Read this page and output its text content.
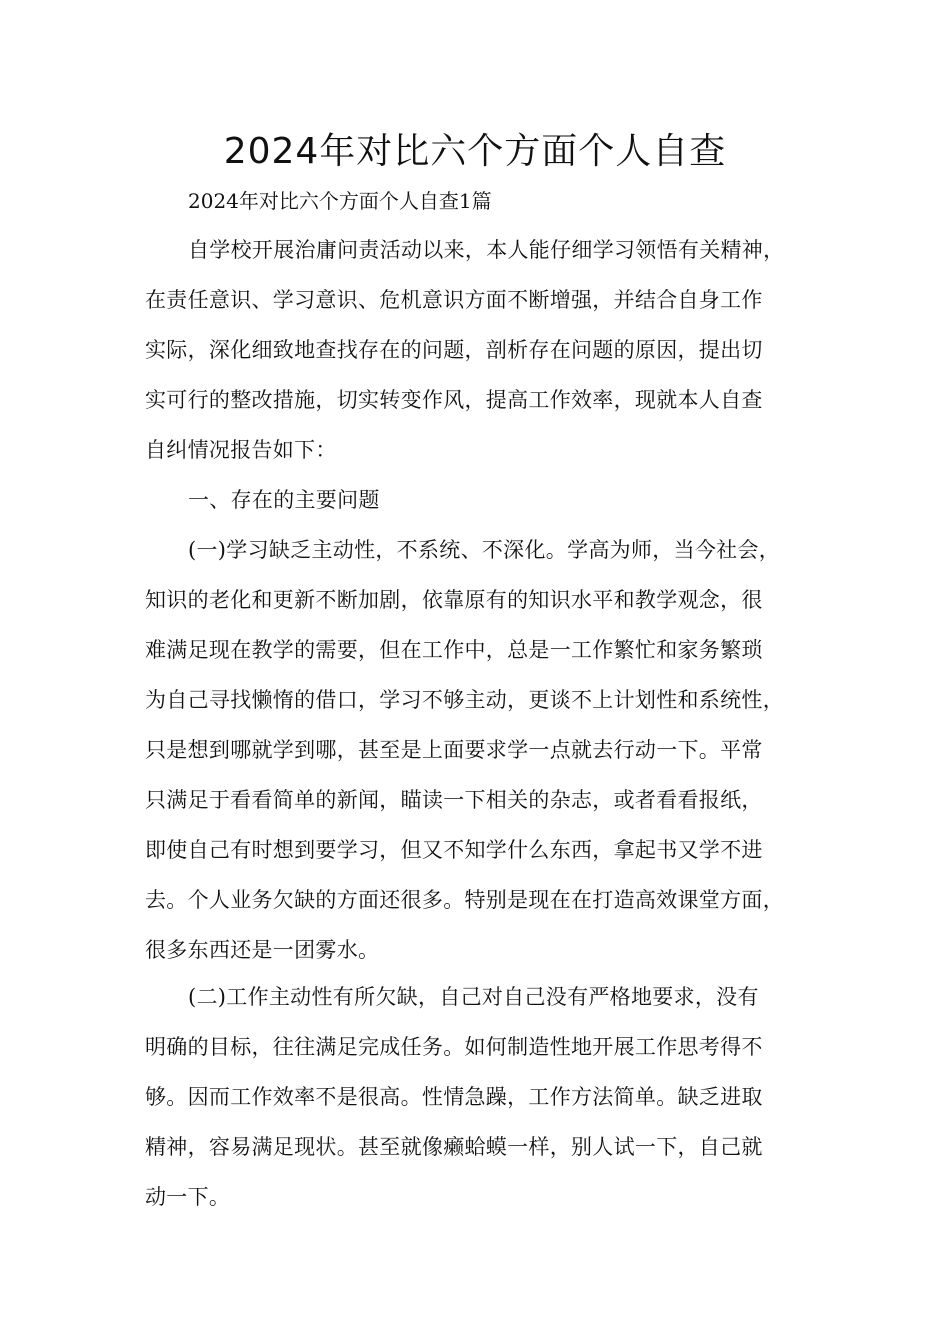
2024年对比六个方面个人自查
2024年对比六个方面个人自查1篇
自学校开展治庸问责活动以来，本人能仔细学习领悟有关精神，
在责任意识、学习意识、危机意识方面不断增强，并结合自身工作
实际，深化细致地查找存在的问题，剖析存在问题的原因，提出切
实可行的整改措施，切实转变作风，提高工作效率，现就本人自查
自纠情况报告如下：
一、存在的主要问题
(一)学习缺乏主动性，不系统、不深化。学高为师，当今社会，
知识的老化和更新不断加剧，依靠原有的知识水平和教学观念，很
难满足现在教学的需要，但在工作中，总是一工作繁忙和家务繁琐
为自己寻找懒惰的借口，学习不够主动，更谈不上计划性和系统性，
只是想到哪就学到哪，甚至是上面要求学一点就去行动一下。平常
只满足于看看简单的新闻，瞄读一下相关的杂志，或者看看报纸，
即使自己有时想到要学习，但又不知学什么东西，拿起书又学不进
去。个人业务欠缺的方面还很多。特别是现在在打造高效课堂方面，
很多东西还是一团雾水。
(二)工作主动性有所欠缺，自己对自己没有严格地要求，没有
明确的目标，往往满足完成任务。如何制造性地开展工作思考得不
够。因而工作效率不是很高。性情急躁，工作方法简单。缺乏进取
精神，容易满足现状。甚至就像癞蛤蟆一样，别人试一下，自己就
动一下。
